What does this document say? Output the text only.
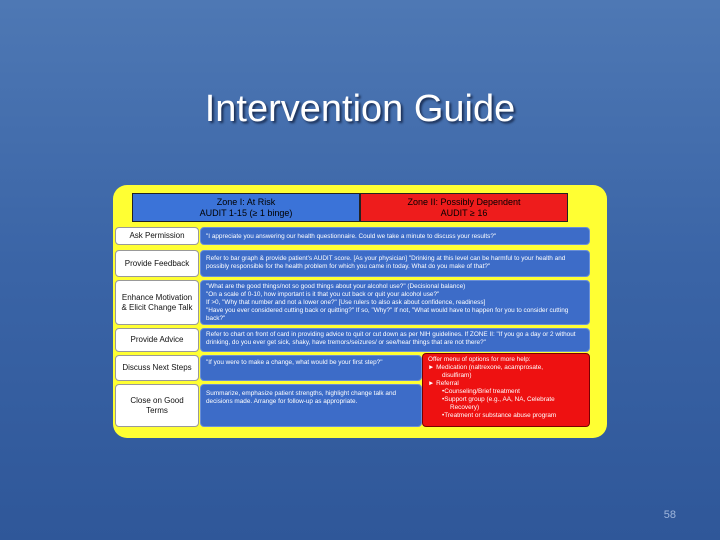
Intervention Guide
Zone I: At Risk
AUDIT 1-15 (≥ 1 binge)
Zone II: Possibly Dependent
AUDIT ≥ 16
Ask Permission	"I appreciate you answering our health questionnaire. Could we take a minute to discuss your results?"
Provide Feedback	Refer to bar graph & provide patient's AUDIT score. [As your physician] "Drinking at this level can be harmful to your health and possibly responsible for the health problem for which you came in today. What do you make of that?"
Enhance Motivation & Elicit Change Talk
"What are the good things/not so good things about your alcohol use?" (Decisional balance)
"On a scale of 0-10, how important is it that you cut back or quit your alcohol use?"
If >0, "Why that number and not a lower one?" [Use rulers to also ask about confidence, readiness]
"Have you ever considered cutting back or quitting?" If so, "Why?" If not, "What would have to happen for you to consider cutting back?"
Provide Advice
Refer to chart on front of card in providing advice to quit or cut down as per NIH guidelines. If ZONE II: "If you go a day or 2 without drinking, do you ever get sick, shaky, have tremors/seizures/ or see/hear things that are not there?"
Discuss Next Steps
"If you were to make a change, what would be your first step?"
Close on Good Terms
Summarize, emphasize patient strengths, highlight change talk and decisions made. Arrange for follow-up as appropriate.
Offer menu of options for more help:
► Medication (naltrexone, acamprosate,
disulfiram)
► Referral
•Counseling/Brief treatment
•Support group (e.g., AA, NA, Celebrate
Recovery)
•Treatment or substance abuse program
58
